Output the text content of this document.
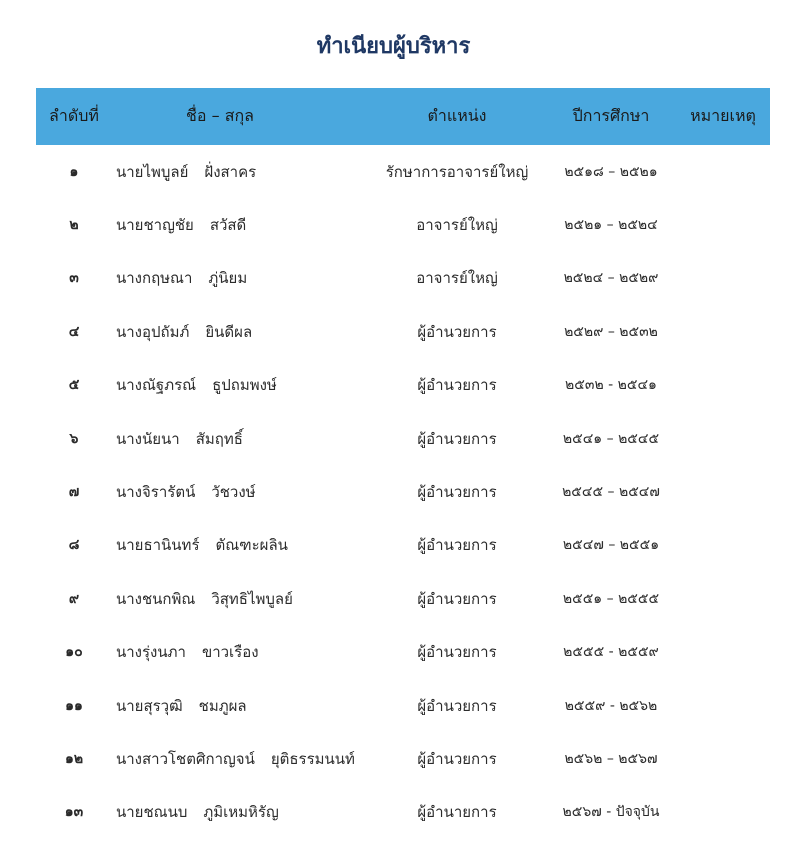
ทำเนียบผู้บริหาร
ลำดับที่	ชื่อ – สกุล	ตำแหน่ง	ปีการศึกษา	หมายเหตุ
๑	นายไพบูลย์ ฝั่งสาคร	รักษาการอาจารย์ใหญ่	๒๕๑๘ – ๒๕๒๑
๒	นายชาญชัย สวัสดี	อาจารย์ใหญ่	๒๕๒๑ – ๒๕๒๔
๓	นางกฤษณา ภู่นิยม	อาจารย์ใหญ่	๒๕๒๔ – ๒๕๒๙
๔	นางอุปถัมภ์ ยินดีผล	ผู้อำนวยการ	๒๕๒๙ – ๒๕๓๒
๕	นางณัฐภรณ์ ธูปถมพงษ์	ผู้อำนวยการ	๒๕๓๒ - ๒๕๔๑
๖	นางนัยนา สัมฤทธิ์	ผู้อำนวยการ	๒๕๔๑ – ๒๕๔๕
๗	นางจิรารัตน์ วัชวงษ์	ผู้อำนวยการ	๒๕๔๕ – ๒๕๔๗
๘	นายธานินทร์ ตัณฑะผลิน	ผู้อำนวยการ	๒๕๔๗ – ๒๕๕๑
๙	นางชนกพิณ วิสุทธิไพบูลย์	ผู้อำนวยการ	๒๕๕๑ – ๒๕๕๕
๑๐	นางรุ่งนภา ขาวเรือง	ผู้อำนวยการ	๒๕๕๕ - ๒๕๕๙
๑๑	นายสุรวุฒิ ชมภูผล	ผู้อำนวยการ	๒๕๕๙ - ๒๕๖๒
๑๒	นางสาวโชตศิกาญจน์ ยุติธรรมนนท์	ผู้อำนวยการ	๒๕๖๒ – ๒๕๖๗
๑๓	นายชณนบ ภูมิเหมหิรัญ	ผู้อำนายการ	๒๕๖๗ - ปัจจุบัน
